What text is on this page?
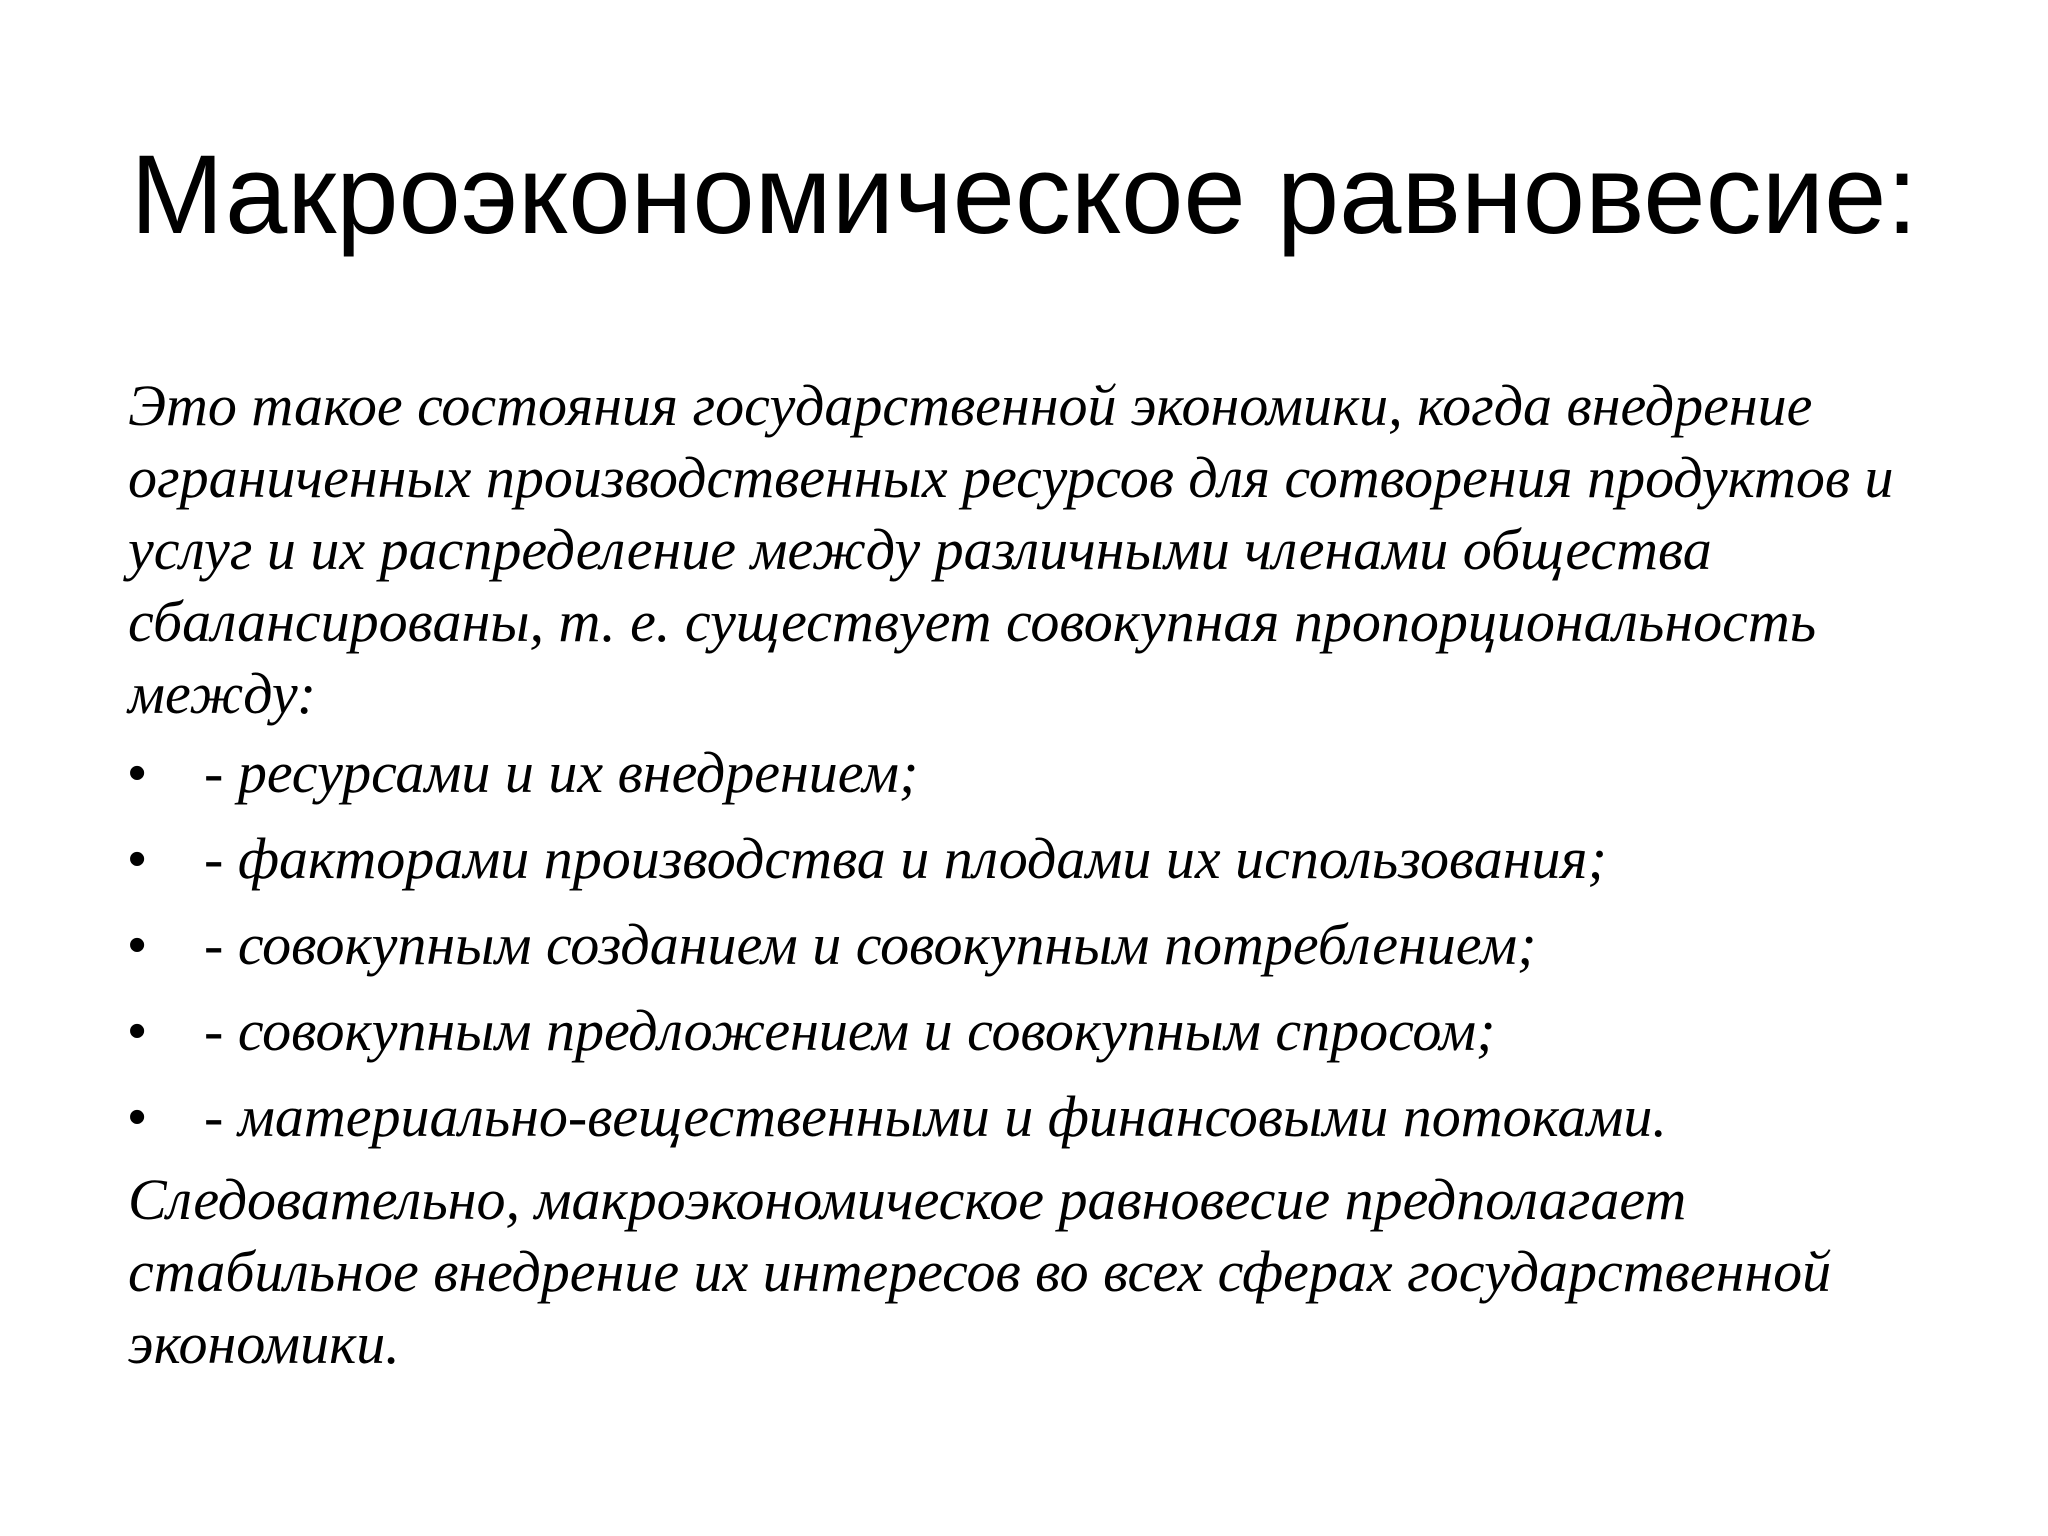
Макроэкономическое равновесие:

Это такое состояния государственной экономики, когда внедрение ограниченных производственных ресурсов для сотворения продуктов и услуг и их распределение между различными членами общества сбалансированы, т. е. существует совокупная пропорциональность между:

• - ресурсами и их внедрением;
• - факторами производства и плодами их использования;
• - совокупным созданием и совокупным потреблением;
• - совокупным предложением и совокупным спросом;
• - материально-вещественными и финансовыми потоками.

Следовательно, макроэкономическое равновесие предполагает стабильное внедрение их интересов во всех сферах государственной экономики.
